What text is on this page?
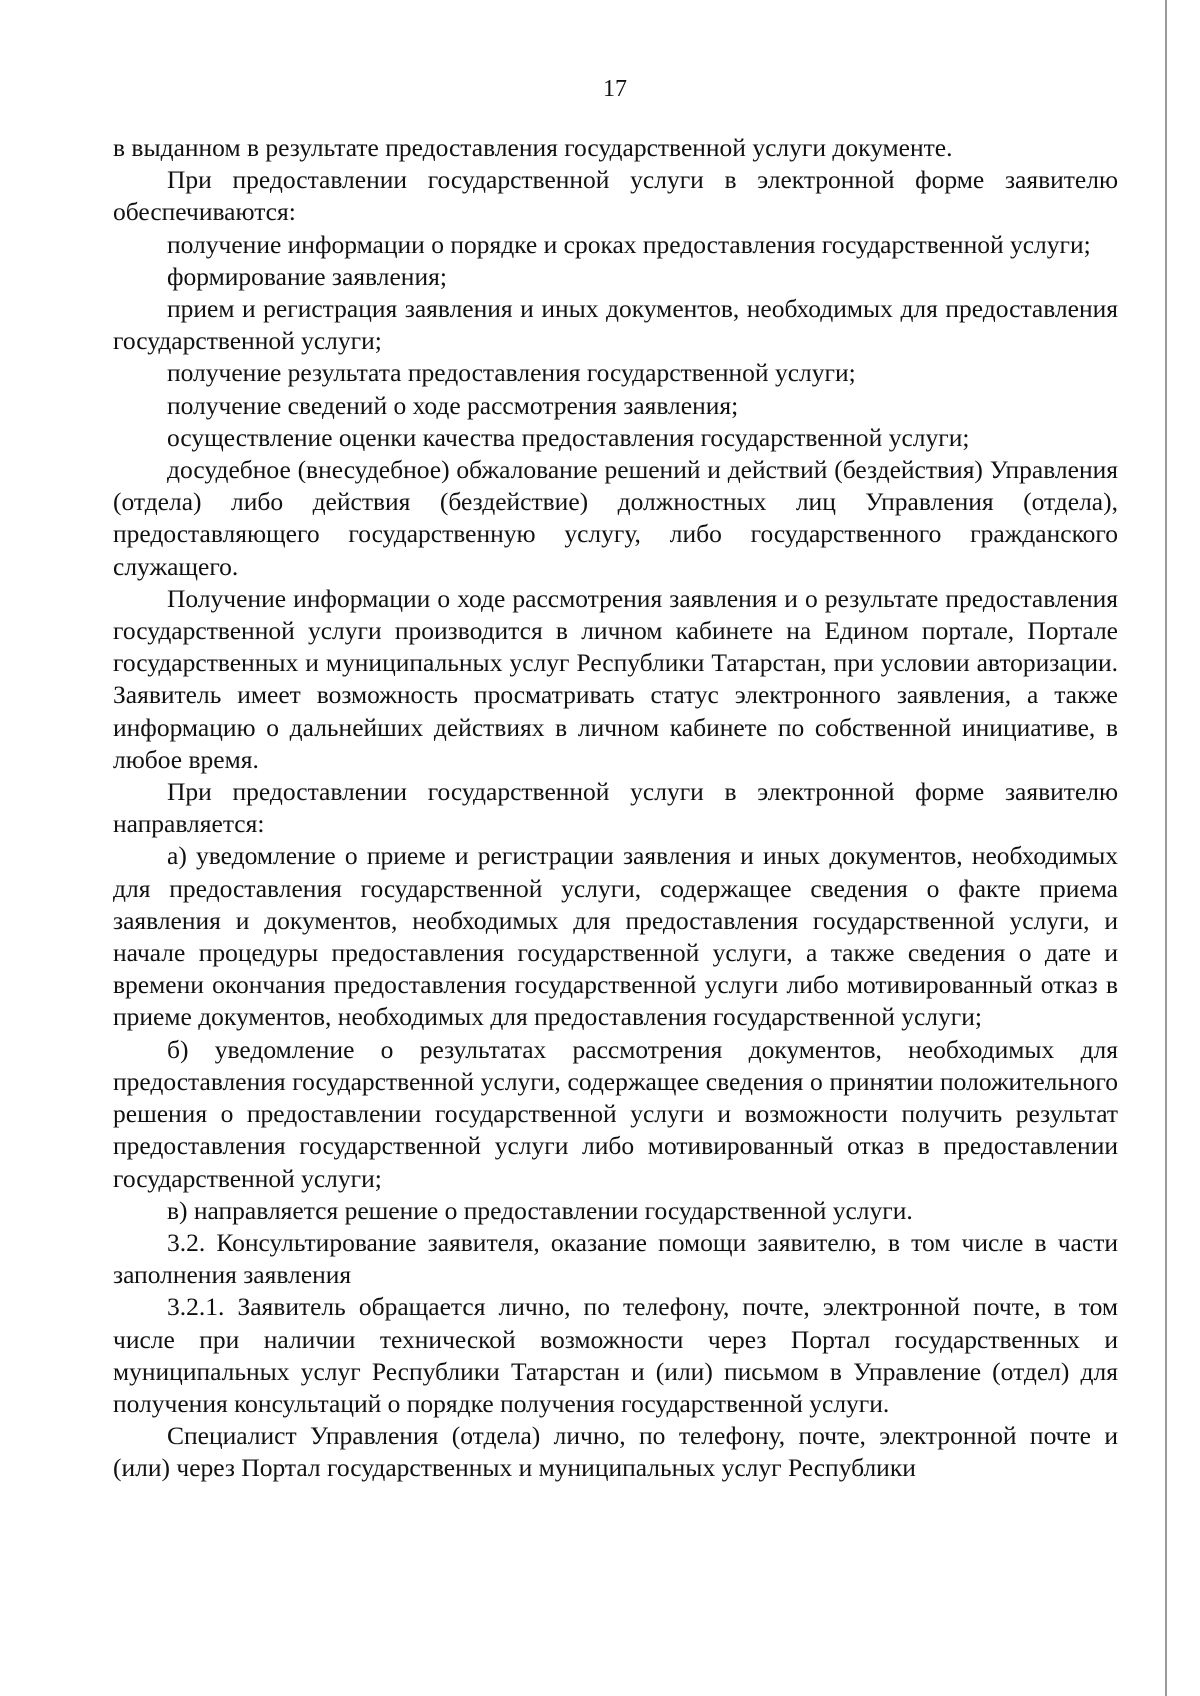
17

в выданном в результате предоставления государственной услуги документе.

При предоставлении государственной услуги в электронной форме заявителю обеспечиваются:

получение информации о порядке и сроках предоставления государственной услуги;

формирование заявления;

прием и регистрация заявления и иных документов, необходимых для предоставления государственной услуги;

получение результата предоставления государственной услуги;

получение сведений о ходе рассмотрения заявления;

осуществление оценки качества предоставления государственной услуги;

досудебное (внесудебное) обжалование решений и действий (бездействия) Управления (отдела) либо действия (бездействие) должностных лиц Управления (отдела), предоставляющего государственную услугу, либо государственного гражданского служащего.

Получение информации о ходе рассмотрения заявления и о результате предоставления государственной услуги производится в личном кабинете на Едином портале, Портале государственных и муниципальных услуг Республики Татарстан, при условии авторизации. Заявитель имеет возможность просматривать статус электронного заявления, а также информацию о дальнейших действиях в личном кабинете по собственной инициативе, в любое время.

При предоставлении государственной услуги в электронной форме заявителю направляется:

а) уведомление о приеме и регистрации заявления и иных документов, необходимых для предоставления государственной услуги, содержащее сведения о факте приема заявления и документов, необходимых для предоставления государственной услуги, и начале процедуры предоставления государственной услуги, а также сведения о дате и времени окончания предоставления государственной услуги либо мотивированный отказ в приеме документов, необходимых для предоставления государственной услуги;

б) уведомление о результатах рассмотрения документов, необходимых для предоставления государственной услуги, содержащее сведения о принятии положительного решения о предоставлении государственной услуги и возможности получить результат предоставления государственной услуги либо мотивированный отказ в предоставлении государственной услуги;

в) направляется решение о предоставлении государственной услуги.

3.2. Консультирование заявителя, оказание помощи заявителю, в том числе в части заполнения заявления

3.2.1. Заявитель обращается лично, по телефону, почте, электронной почте, в том числе при наличии технической возможности через Портал государственных и муниципальных услуг Республики Татарстан и (или) письмом в Управление (отдел) для получения консультаций о порядке получения государственной услуги.

Специалист Управления (отдела) лично, по телефону, почте, электронной почте и (или) через Портал государственных и муниципальных услуг Республики
